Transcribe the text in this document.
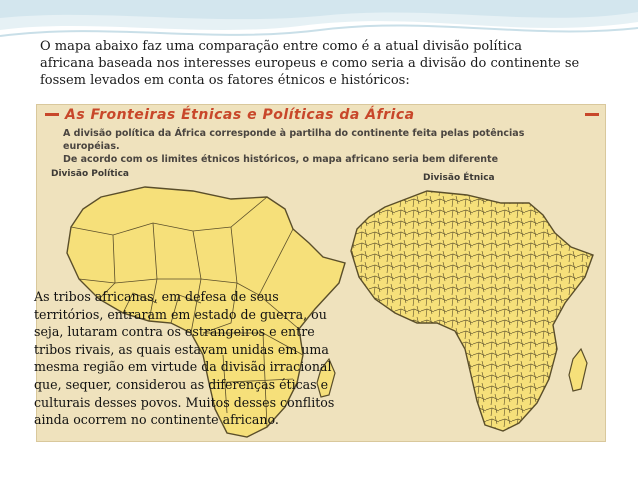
O mapa abaixo faz uma comparação entre como é a atual divisão política
africana baseada nos interesses europeus e como seria a divisão do continente se
fossem levados em conta os fatores étnicos e históricos:
As Fronteiras Étnicas e Políticas da África
A divisão política da África corresponde à partilha do continente feita pelas potências européias.
De acordo com os limites étnicos históricos, o mapa africano seria bem diferente
Divisão Política	Divisão Étnica
As tribos africanas, em defesa de seus
territórios, entraram em estado de guerra, ou
seja, lutaram contra os estrangeiros e entre
tribos rivais, as quais estavam unidas em uma
mesma região em virtude da divisão irracional
que, sequer, considerou as diferenças éticas e
culturais desses povos. Muitos desses conflitos
ainda ocorrem no continente africano.
